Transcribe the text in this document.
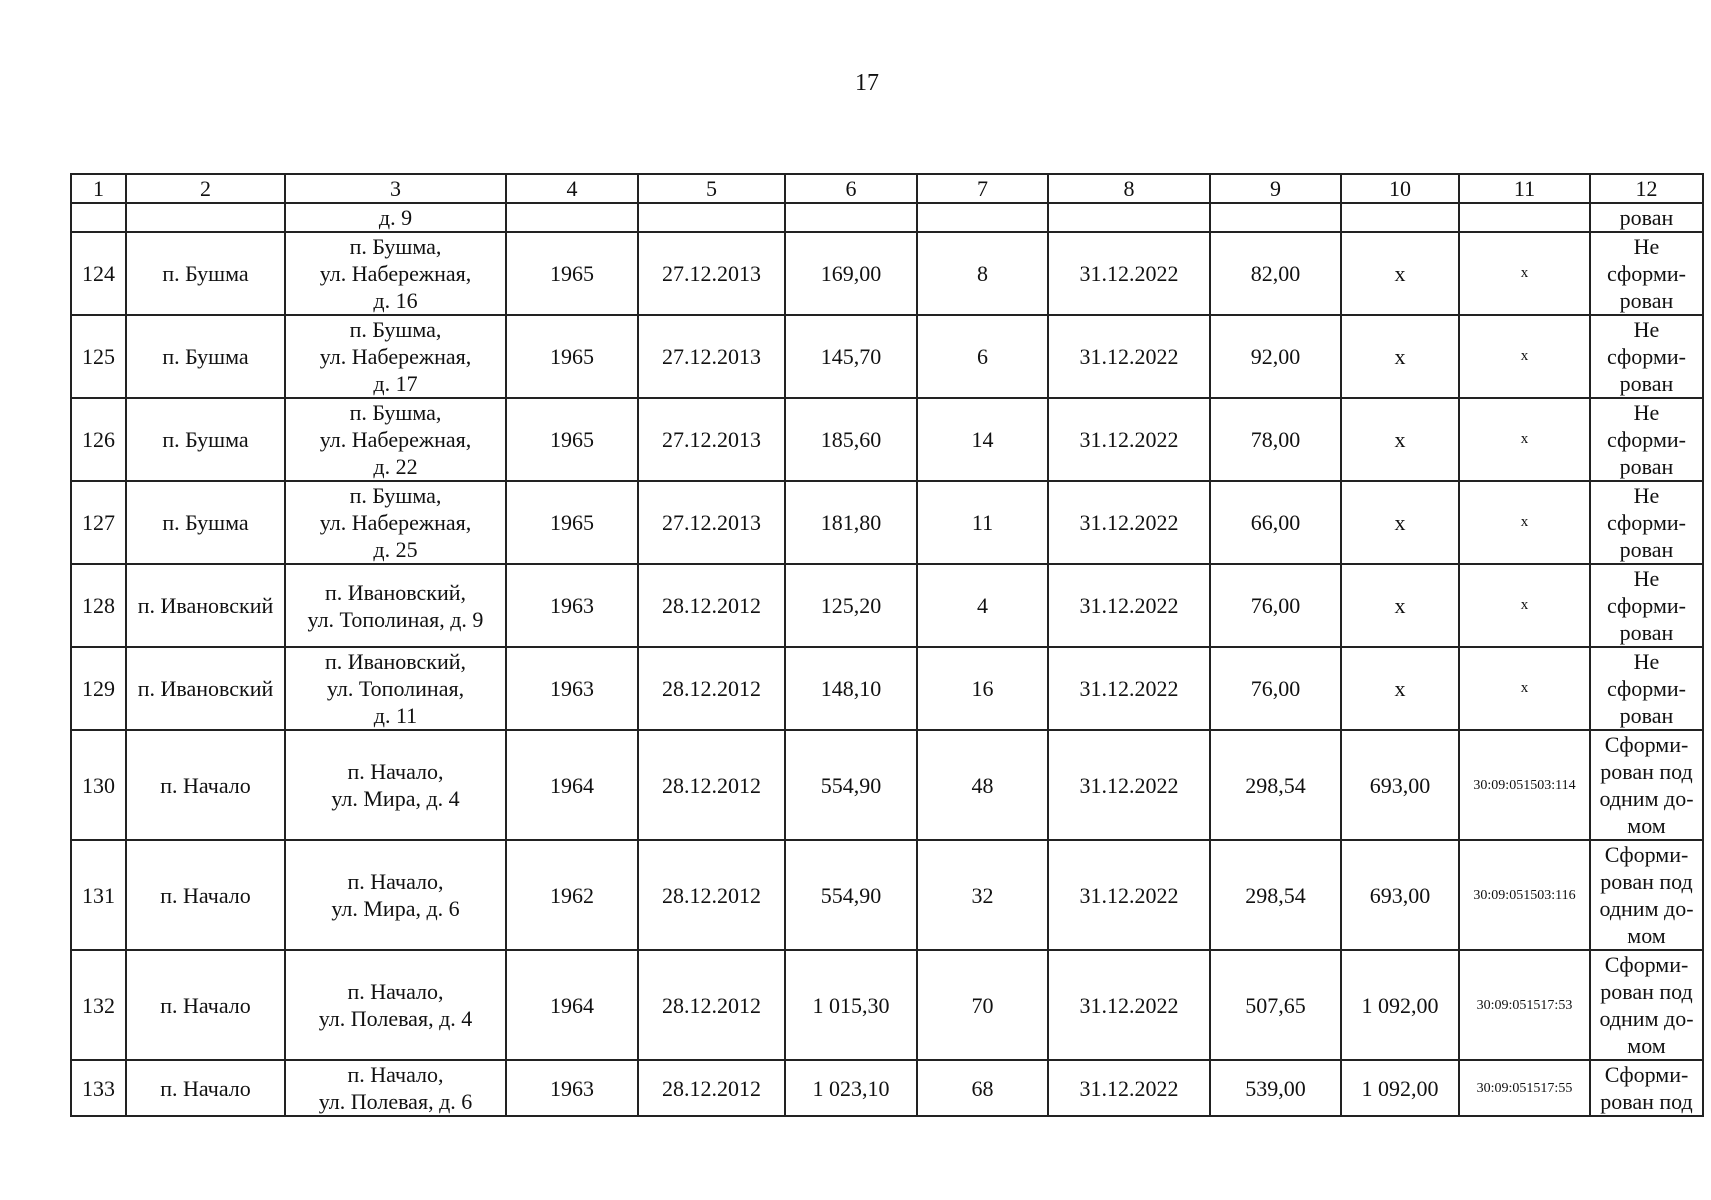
17
1	2	3	4	5	6	7	8	9	10	11	12
		д. 9									рован
124	п. Бушма	п. Бушма,
ул. Набережная,
д. 16	1965	27.12.2013	169,00	8	31.12.2022	82,00	х	х	Не
сформи-
рован
125	п. Бушма	п. Бушма,
ул. Набережная,
д. 17	1965	27.12.2013	145,70	6	31.12.2022	92,00	х	х	Не
сформи-
рован
126	п. Бушма	п. Бушма,
ул. Набережная,
д. 22	1965	27.12.2013	185,60	14	31.12.2022	78,00	х	х	Не
сформи-
рован
127	п. Бушма	п. Бушма,
ул. Набережная,
д. 25	1965	27.12.2013	181,80	11	31.12.2022	66,00	х	х	Не
сформи-
рован
128	п. Ивановский	п. Ивановский,
ул. Тополиная, д. 9	1963	28.12.2012	125,20	4	31.12.2022	76,00	х	х	Не
сформи-
рован
129	п. Ивановский	п. Ивановский,
ул. Тополиная,
д. 11	1963	28.12.2012	148,10	16	31.12.2022	76,00	х	х	Не
сформи-
рован
130	п. Начало	п. Начало,
ул. Мира, д. 4	1964	28.12.2012	554,90	48	31.12.2022	298,54	693,00	30:09:051503:114	Сформи-
рован под
одним до-
мом
131	п. Начало	п. Начало,
ул. Мира, д. 6	1962	28.12.2012	554,90	32	31.12.2022	298,54	693,00	30:09:051503:116	Сформи-
рован под
одним до-
мом
132	п. Начало	п. Начало,
ул. Полевая, д. 4	1964	28.12.2012	1 015,30	70	31.12.2022	507,65	1 092,00	30:09:051517:53	Сформи-
рован под
одним до-
мом
133	п. Начало	п. Начало,
ул. Полевая, д. 6	1963	28.12.2012	1 023,10	68	31.12.2022	539,00	1 092,00	30:09:051517:55	Сформи-
рован под
